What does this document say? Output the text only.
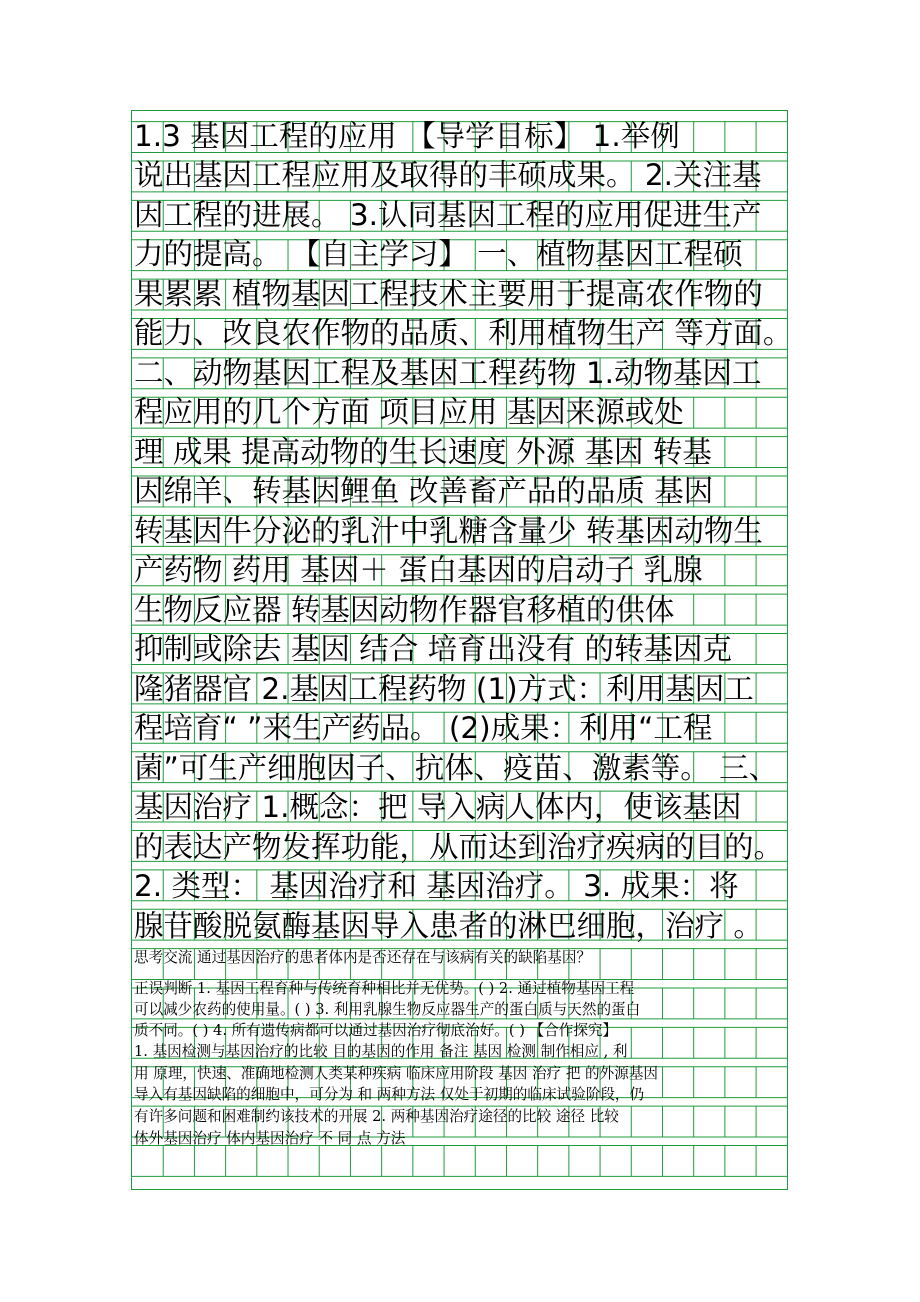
1.3 基因工程的应用 【导学目标】 1.举例
说出基因工程应用及取得的丰硕成果。 2.关注基
因工程的进展。 3.认同基因工程的应用促进生产
力的提高。 【自主学习】 一、植物基因工程硕
果累累 植物基因工程技术主要用于提高农作物的
能力、改良农作物的品质、利用植物生产 等方面。
二、动物基因工程及基因工程药物 1.动物基因工
程应用的几个方面 项目应用 基因来源或处
理 成果 提高动物的生长速度 外源 基因 转基
因绵羊、转基因鲤鱼 改善畜产品的品质 基因
转基因牛分泌的乳汁中乳糖含量少 转基因动物生
产药物 药用 基因＋ 蛋白基因的启动子 乳腺
生物反应器 转基因动物作器官移植的供体
抑制或除去 基因 结合 培育出没有 的转基因克
隆猪器官 2.基因工程药物 (1)方式：利用基因工
程培育“ ”来生产药品。 (2)成果：利用“工程
菌”可生产细胞因子、抗体、疫苗、激素等。 三、
基因治疗 1.概念：把 导入病人体内，使该基因
的表达产物发挥功能，从而达到治疗疾病的目的。
2. 类型： 基因治疗和 基因治疗。 3. 成果：将
腺苷酸脱氨酶基因导入患者的淋巴细胞，治疗 。
思考交流 通过基因治疗的患者体内是否还存在与该病有关的缺陷基因？
正误判断 1. 基因工程育种与传统育种相比并无优势。( ) 2. 通过植物基因工程
可以减少农药的使用量。( ) 3. 利用乳腺生物反应器生产的蛋白质与天然的蛋白
质不同。( ) 4. 所有遗传病都可以通过基因治疗彻底治好。( ) 【合作探究】
1. 基因检测与基因治疗的比较 目的基因的作用 备注 基因 检测 制作相应 , 利
用 原理，快速、准确地检测人类某种疾病 临床应用阶段 基因 治疗 把 的外源基因
导入有基因缺陷的细胞中，可分为 和 两种方法 仅处于初期的临床试验阶段，仍
有许多问题和困难制约该技术的开展 2. 两种基因治疗途径的比较 途径 比较
体外基因治疗 体内基因治疗 不 同 点 方法
